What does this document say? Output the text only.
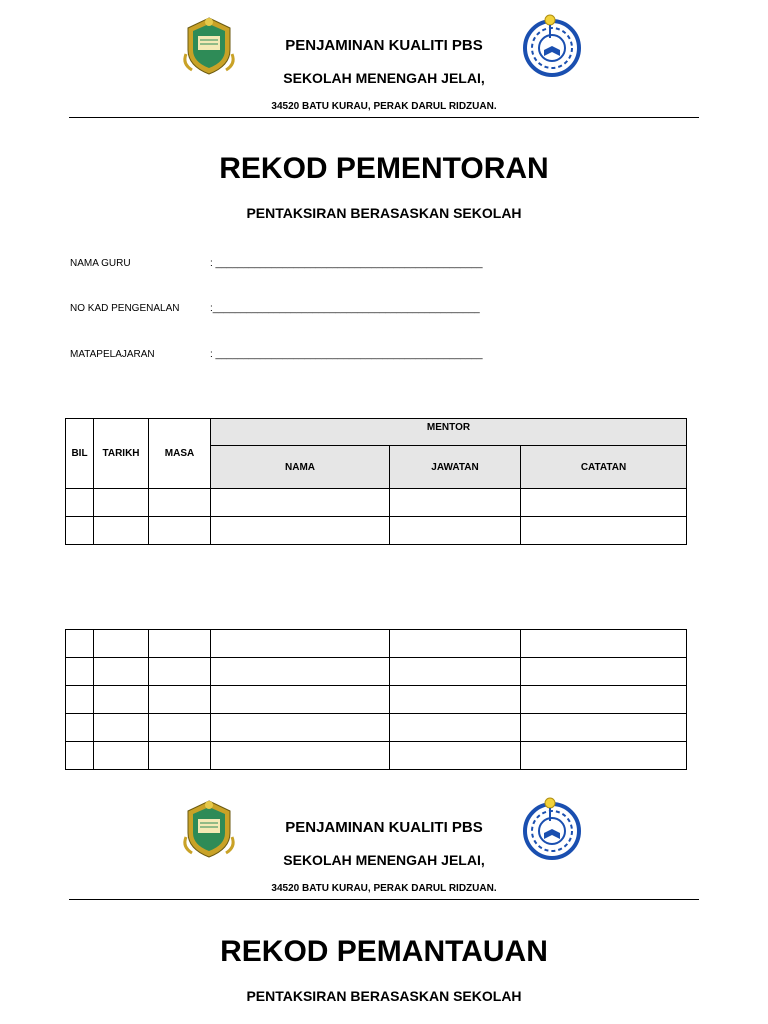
PENJAMINAN KUALITI PBS
SEKOLAH MENENGAH JELAI,
34520 BATU KURAU, PERAK DARUL RIDZUAN.
REKOD PEMENTORAN
PENTAKSIRAN BERASASKAN SEKOLAH
NAMA GURU	: ________________________________________________
NO KAD PENGENALAN	:________________________________________________
MATAPELAJARAN	: ________________________________________________
BIL	TARIKH	MASA	MENTOR		
			NAMA	JAWATAN	CATATAN

PENJAMINAN KUALITI PBS
SEKOLAH MENENGAH JELAI,
34520 BATU KURAU, PERAK DARUL RIDZUAN.
REKOD PEMANTAUAN
PENTAKSIRAN BERASASKAN SEKOLAH
